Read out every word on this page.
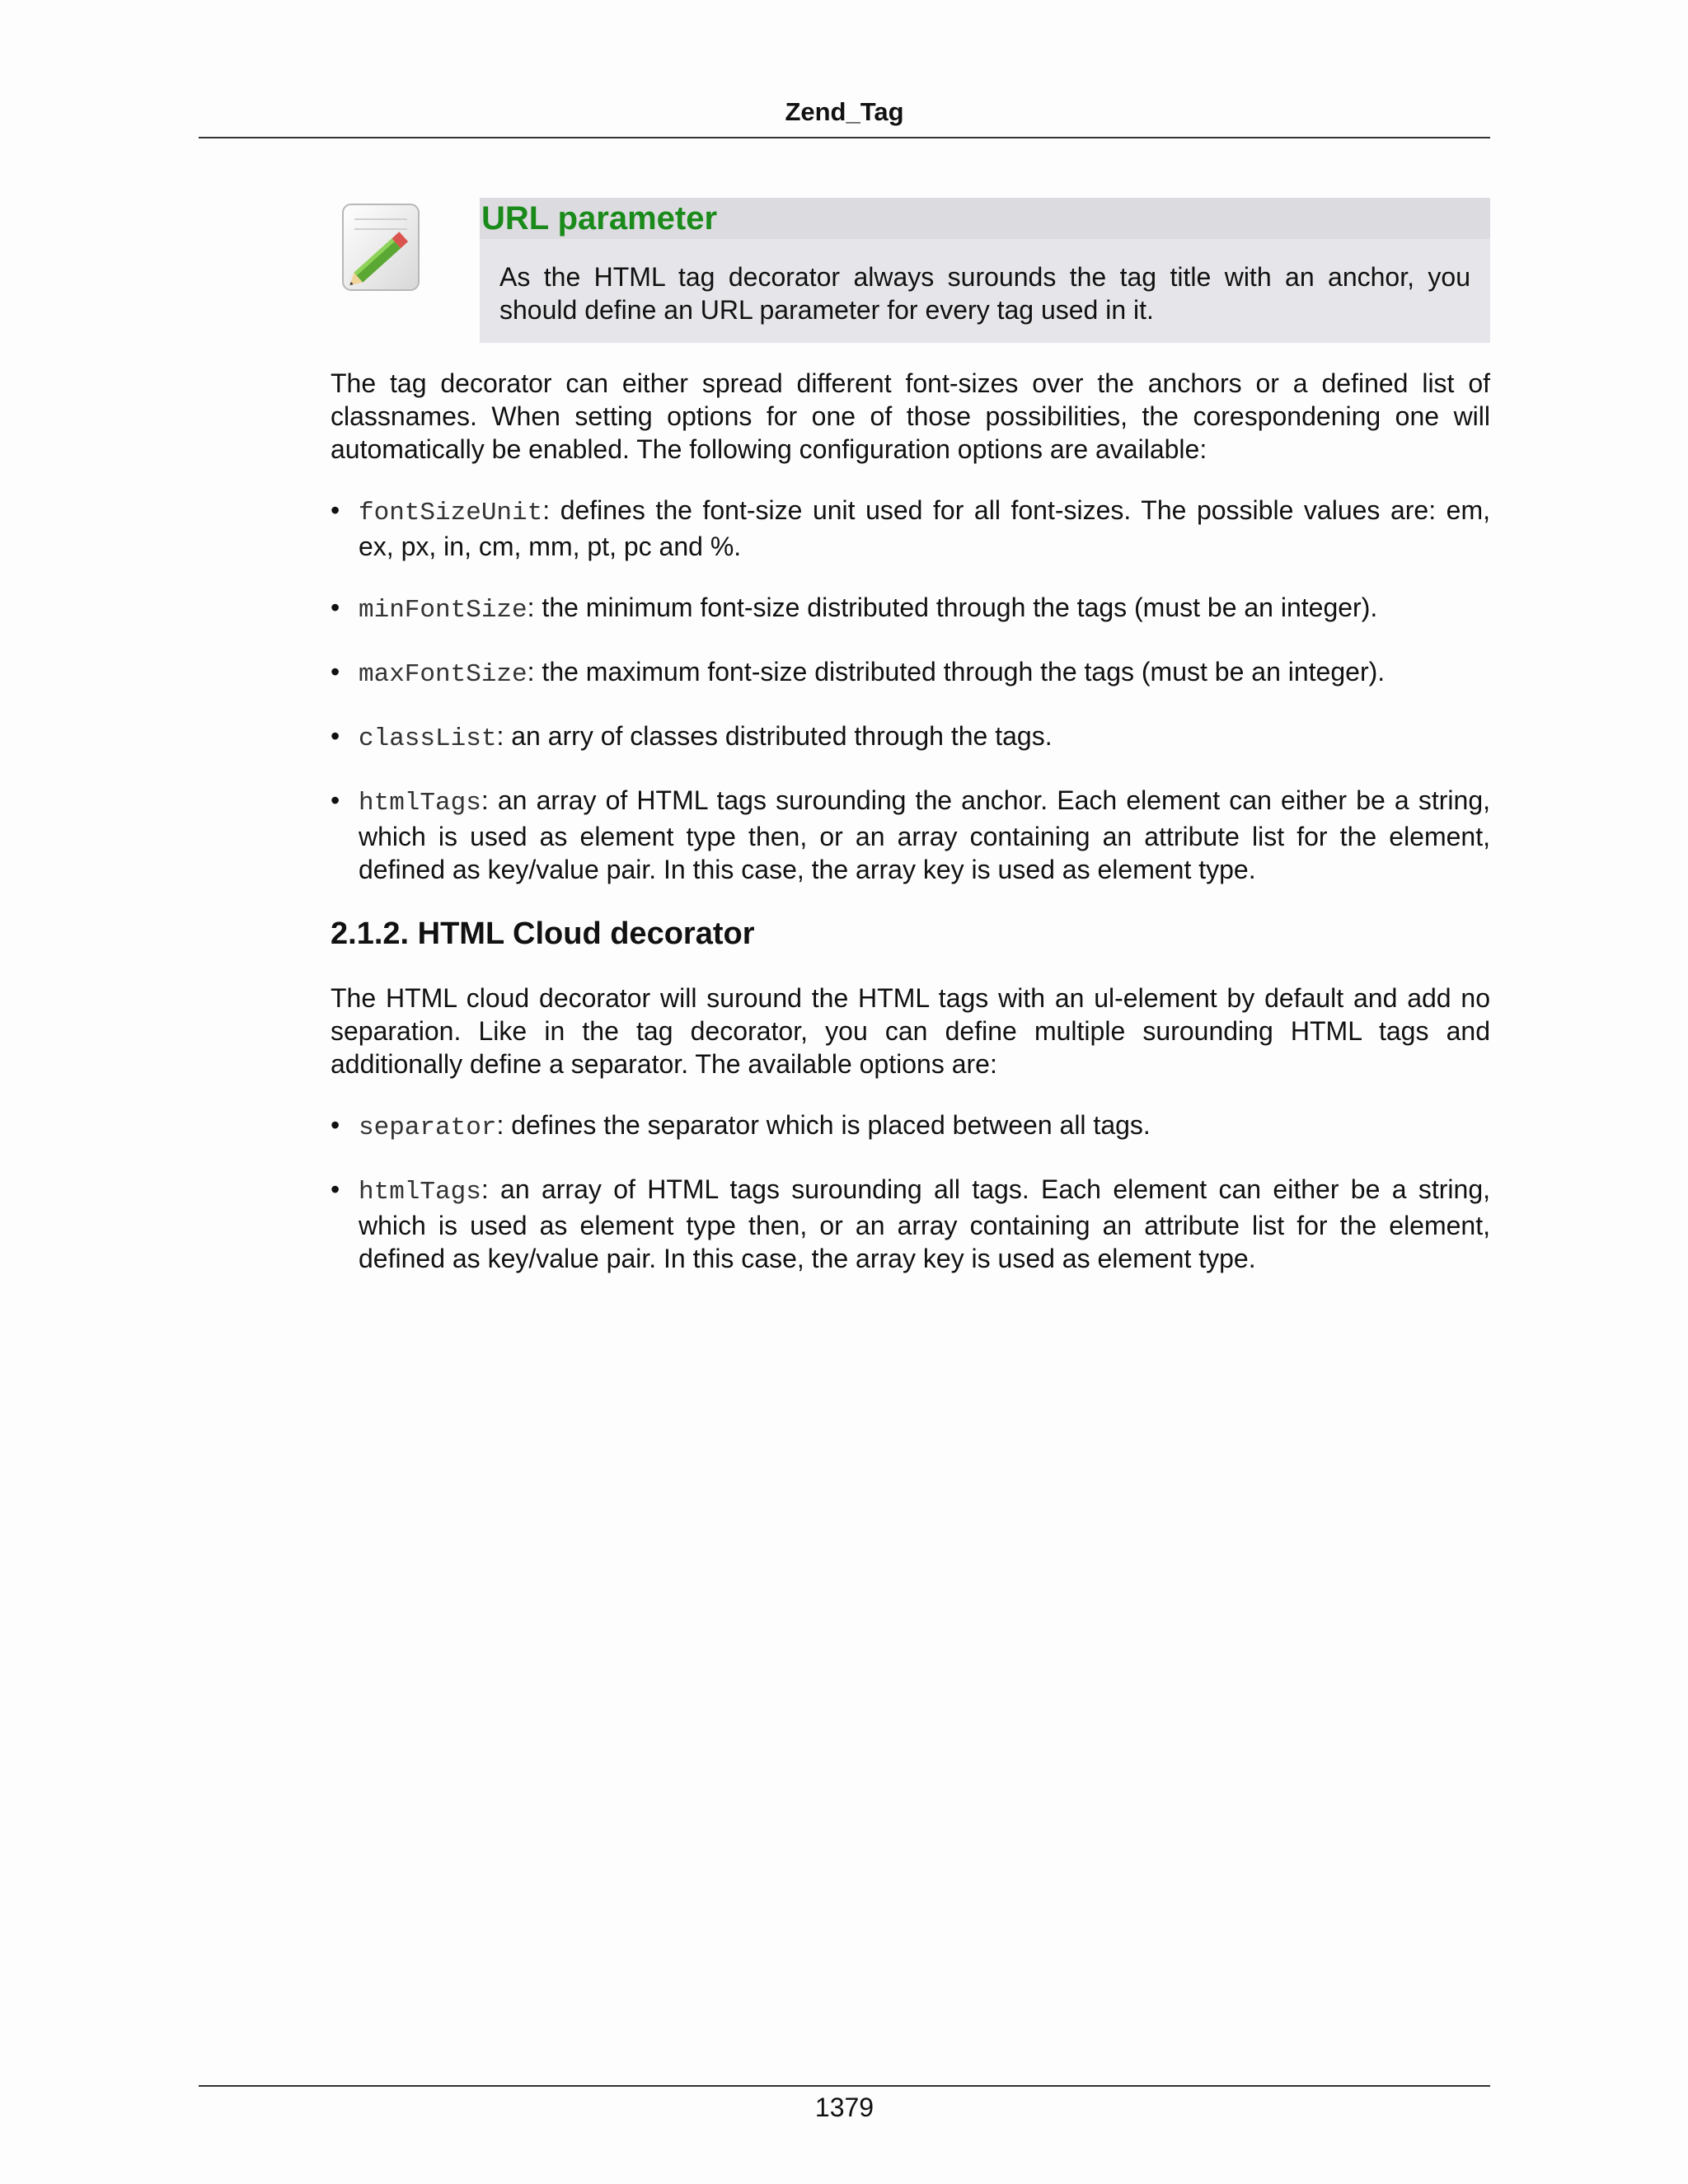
Zend_Tag
URL parameter
As the HTML tag decorator always surounds the tag title with an anchor, you should define an URL parameter for every tag used in it.

The tag decorator can either spread different font-sizes over the anchors or a defined list of classnames. When setting options for one of those possibilities, the corespondening one will automatically be enabled. The following configuration options are available:

• fontSizeUnit: defines the font-size unit used for all font-sizes. The possible values are: em, ex, px, in, cm, mm, pt, pc and %.
• minFontSize: the minimum font-size distributed through the tags (must be an integer).
• maxFontSize: the maximum font-size distributed through the tags (must be an integer).
• classList: an arry of classes distributed through the tags.
• htmlTags: an array of HTML tags surounding the anchor. Each element can either be a string, which is used as element type then, or an array containing an attribute list for the element, defined as key/value pair. In this case, the array key is used as element type.
2.1.2. HTML Cloud decorator

The HTML cloud decorator will suround the HTML tags with an ul-element by default and add no separation. Like in the tag decorator, you can define multiple surounding HTML tags and additionally define a separator. The available options are:

• separator: defines the separator which is placed between all tags.
• htmlTags: an array of HTML tags surounding all tags. Each element can either be a string, which is used as element type then, or an array containing an attribute list for the element, defined as key/value pair. In this case, the array key is used as element type.
1379
